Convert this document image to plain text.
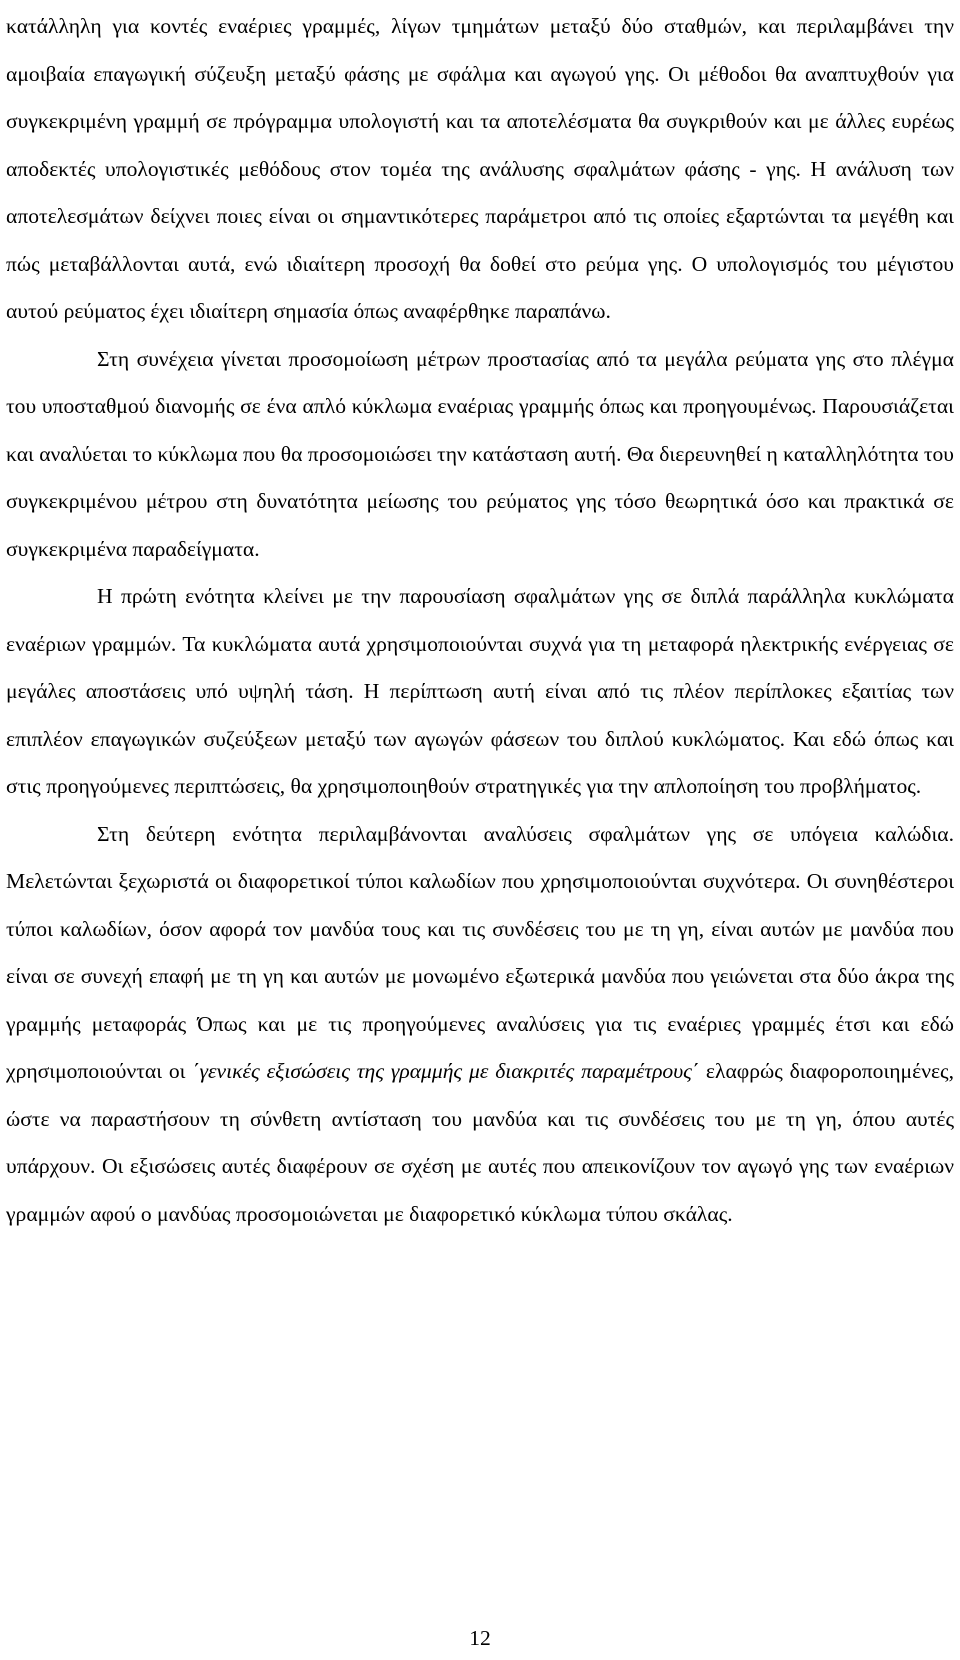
κατάλληλη για κοντές εναέριες γραμμές, λίγων τμημάτων μεταξύ δύο σταθμών, και περιλαμβάνει την αμοιβαία επαγωγική σύζευξη μεταξύ φάσης με σφάλμα και αγωγού γης. Οι μέθοδοι θα αναπτυχθούν για συγκεκριμένη γραμμή σε πρόγραμμα υπολογιστή και τα αποτελέσματα θα συγκριθούν και με άλλες ευρέως αποδεκτές υπολογιστικές μεθόδους στον τομέα της ανάλυσης σφαλμάτων φάσης - γης. Η ανάλυση των αποτελεσμάτων δείχνει ποιες είναι οι σημαντικότερες παράμετροι από τις οποίες εξαρτώνται τα μεγέθη και πώς μεταβάλλονται αυτά, ενώ ιδιαίτερη προσοχή θα δοθεί στο ρεύμα γης. Ο υπολογισμός του μέγιστου αυτού ρεύματος έχει ιδιαίτερη σημασία όπως αναφέρθηκε παραπάνω.

Στη συνέχεια γίνεται προσομοίωση μέτρων προστασίας από τα μεγάλα ρεύματα γης στο πλέγμα του υποσταθμού διανομής σε ένα απλό κύκλωμα εναέριας γραμμής όπως και προηγουμένως. Παρουσιάζεται και αναλύεται το κύκλωμα που θα προσομοιώσει την κατάσταση αυτή. Θα διερευνηθεί η καταλληλότητα του συγκεκριμένου μέτρου στη δυνατότητα μείωσης του ρεύματος γης τόσο θεωρητικά όσο και πρακτικά σε συγκεκριμένα παραδείγματα.

Η πρώτη ενότητα κλείνει με την παρουσίαση σφαλμάτων γης σε διπλά παράλληλα κυκλώματα εναέριων γραμμών. Τα κυκλώματα αυτά χρησιμοποιούνται συχνά για τη μεταφορά ηλεκτρικής ενέργειας σε μεγάλες αποστάσεις υπό υψηλή τάση. Η περίπτωση αυτή είναι από τις πλέον περίπλοκες εξαιτίας των επιπλέον επαγωγικών συζεύξεων μεταξύ των αγωγών φάσεων του διπλού κυκλώματος. Και εδώ όπως και στις προηγούμενες περιπτώσεις, θα χρησιμοποιηθούν στρατηγικές για την απλοποίηση του προβλήματος.

Στη δεύτερη ενότητα περιλαμβάνονται αναλύσεις σφαλμάτων γης σε υπόγεια καλώδια. Μελετώνται ξεχωριστά οι διαφορετικοί τύποι καλωδίων που χρησιμοποιούνται συχνότερα. Οι συνηθέστεροι τύποι καλωδίων, όσον αφορά τον μανδύα τους και τις συνδέσεις του με τη γη, είναι αυτών με μανδύα που είναι σε συνεχή επαφή με τη γη και αυτών με μονωμένο εξωτερικά μανδύα που γειώνεται στα δύο άκρα της γραμμής μεταφοράς Όπως και με τις προηγούμενες αναλύσεις για τις εναέριες γραμμές έτσι και εδώ χρησιμοποιούνται οι ΄γενικές εξισώσεις της γραμμής με διακριτές παραμέτρους΄ ελαφρώς διαφοροποιημένες, ώστε να παραστήσουν τη σύνθετη αντίσταση του μανδύα και τις συνδέσεις του με τη γη, όπου αυτές υπάρχουν. Οι εξισώσεις αυτές διαφέρουν σε σχέση με αυτές που απεικονίζουν τον αγωγό γης των εναέριων γραμμών αφού ο μανδύας προσομοιώνεται με διαφορετικό κύκλωμα τύπου σκάλας.

12
